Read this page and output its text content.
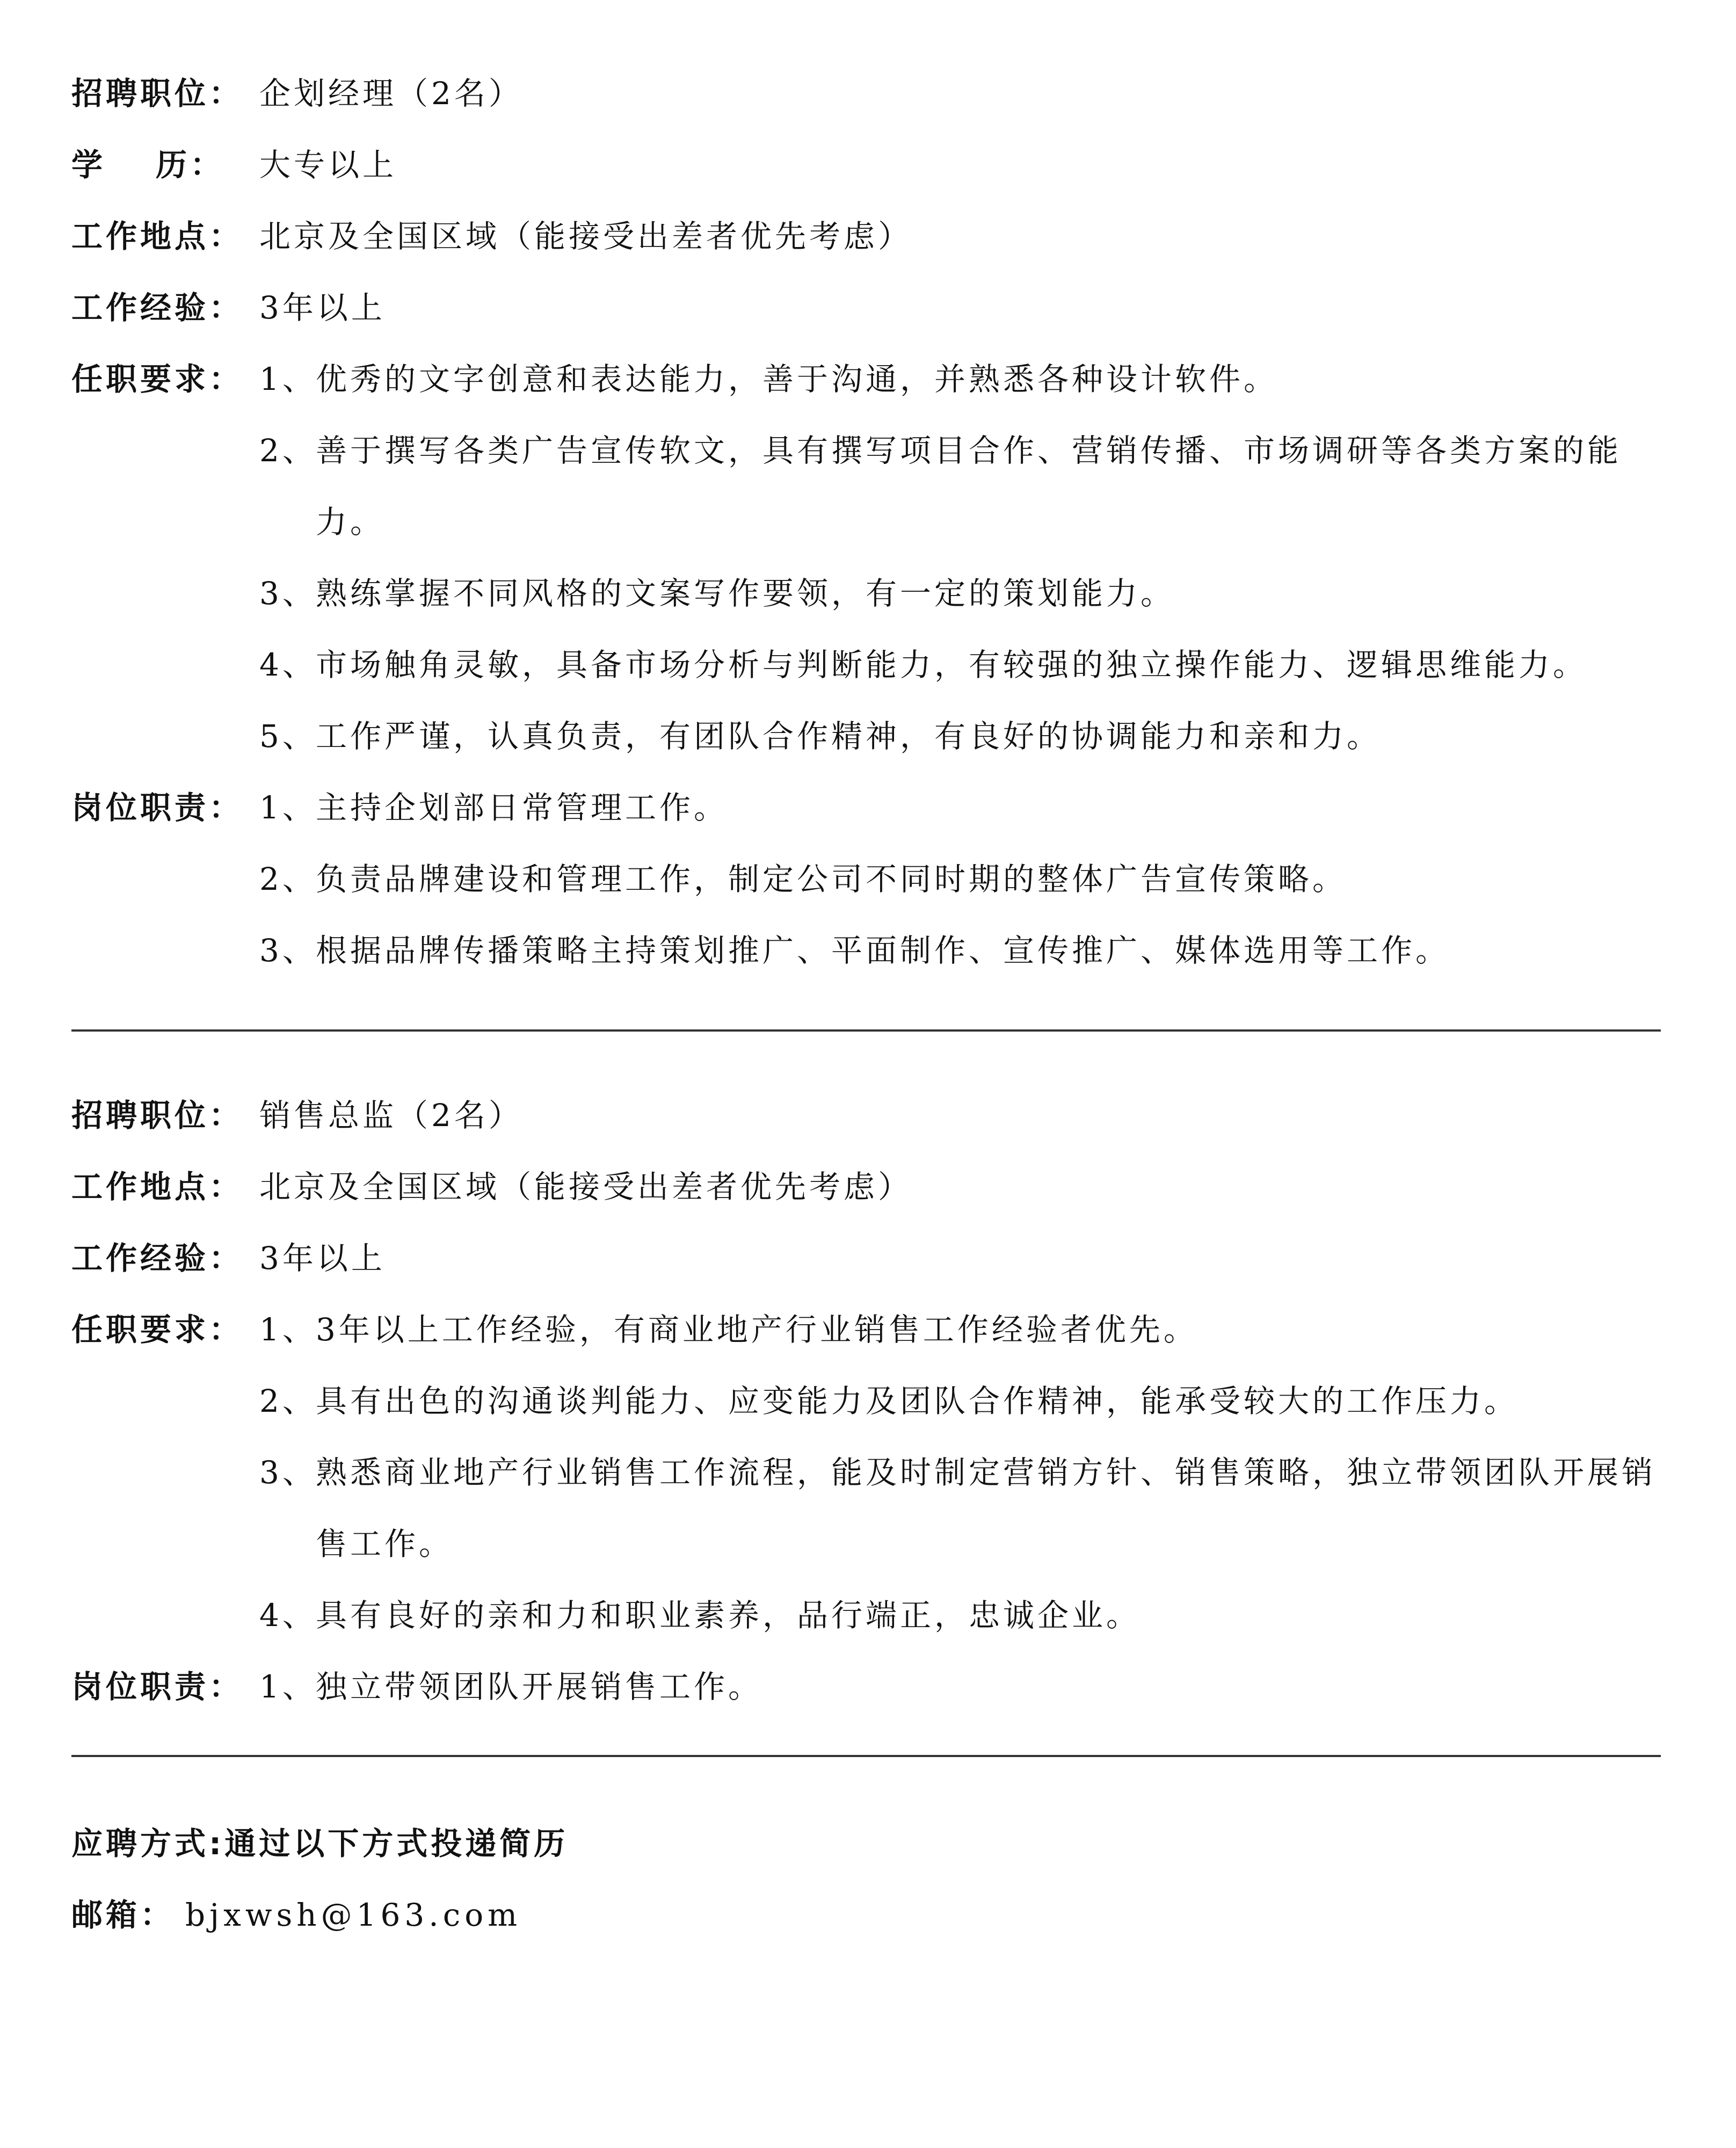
招聘职位： 企划经理（2名）
学 历： 大专以上
工作地点： 北京及全国区域（能接受出差者优先考虑）
工作经验： 3年以上
任职要求： 1、
优秀的文字创意和表达能力，善于沟通，并熟悉各种设计软件。
2、
善于撰写各类广告宣传软文，具有撰写项目合作、营销传播、市场调研等各类方案的能力。
3、
熟练掌握不同风格的文案写作要领，有一定的策划能力。
4、
市场触角灵敏，具备市场分析与判断能力，有较强的独立操作能力、逻辑思维能力。
5、
工作严谨，认真负责，有团队合作精神，有良好的协调能力和亲和力。
岗位职责： 1、
主持企划部日常管理工作。
2、
负责品牌建设和管理工作，制定公司不同时期的整体广告宣传策略。
3、
根据品牌传播策略主持策划推广、平面制作、宣传推广、媒体选用等工作。
招聘职位： 销售总监（2名）
工作地点： 北京及全国区域（能接受出差者优先考虑）
工作经验： 3年以上
任职要求： 1、
3年以上工作经验，有商业地产行业销售工作经验者优先。
2、
具有出色的沟通谈判能力、应变能力及团队合作精神，能承受较大的工作压力。
3、
熟悉商业地产行业销售工作流程，能及时制定营销方针、销售策略，独立带领团队开展销售工作。
4、
具有良好的亲和力和职业素养，品行端正，忠诚企业。
岗位职责： 1、
独立带领团队开展销售工作。
应聘方式: 通过以下方式投递简历
邮箱： bjxwsh@163.com
